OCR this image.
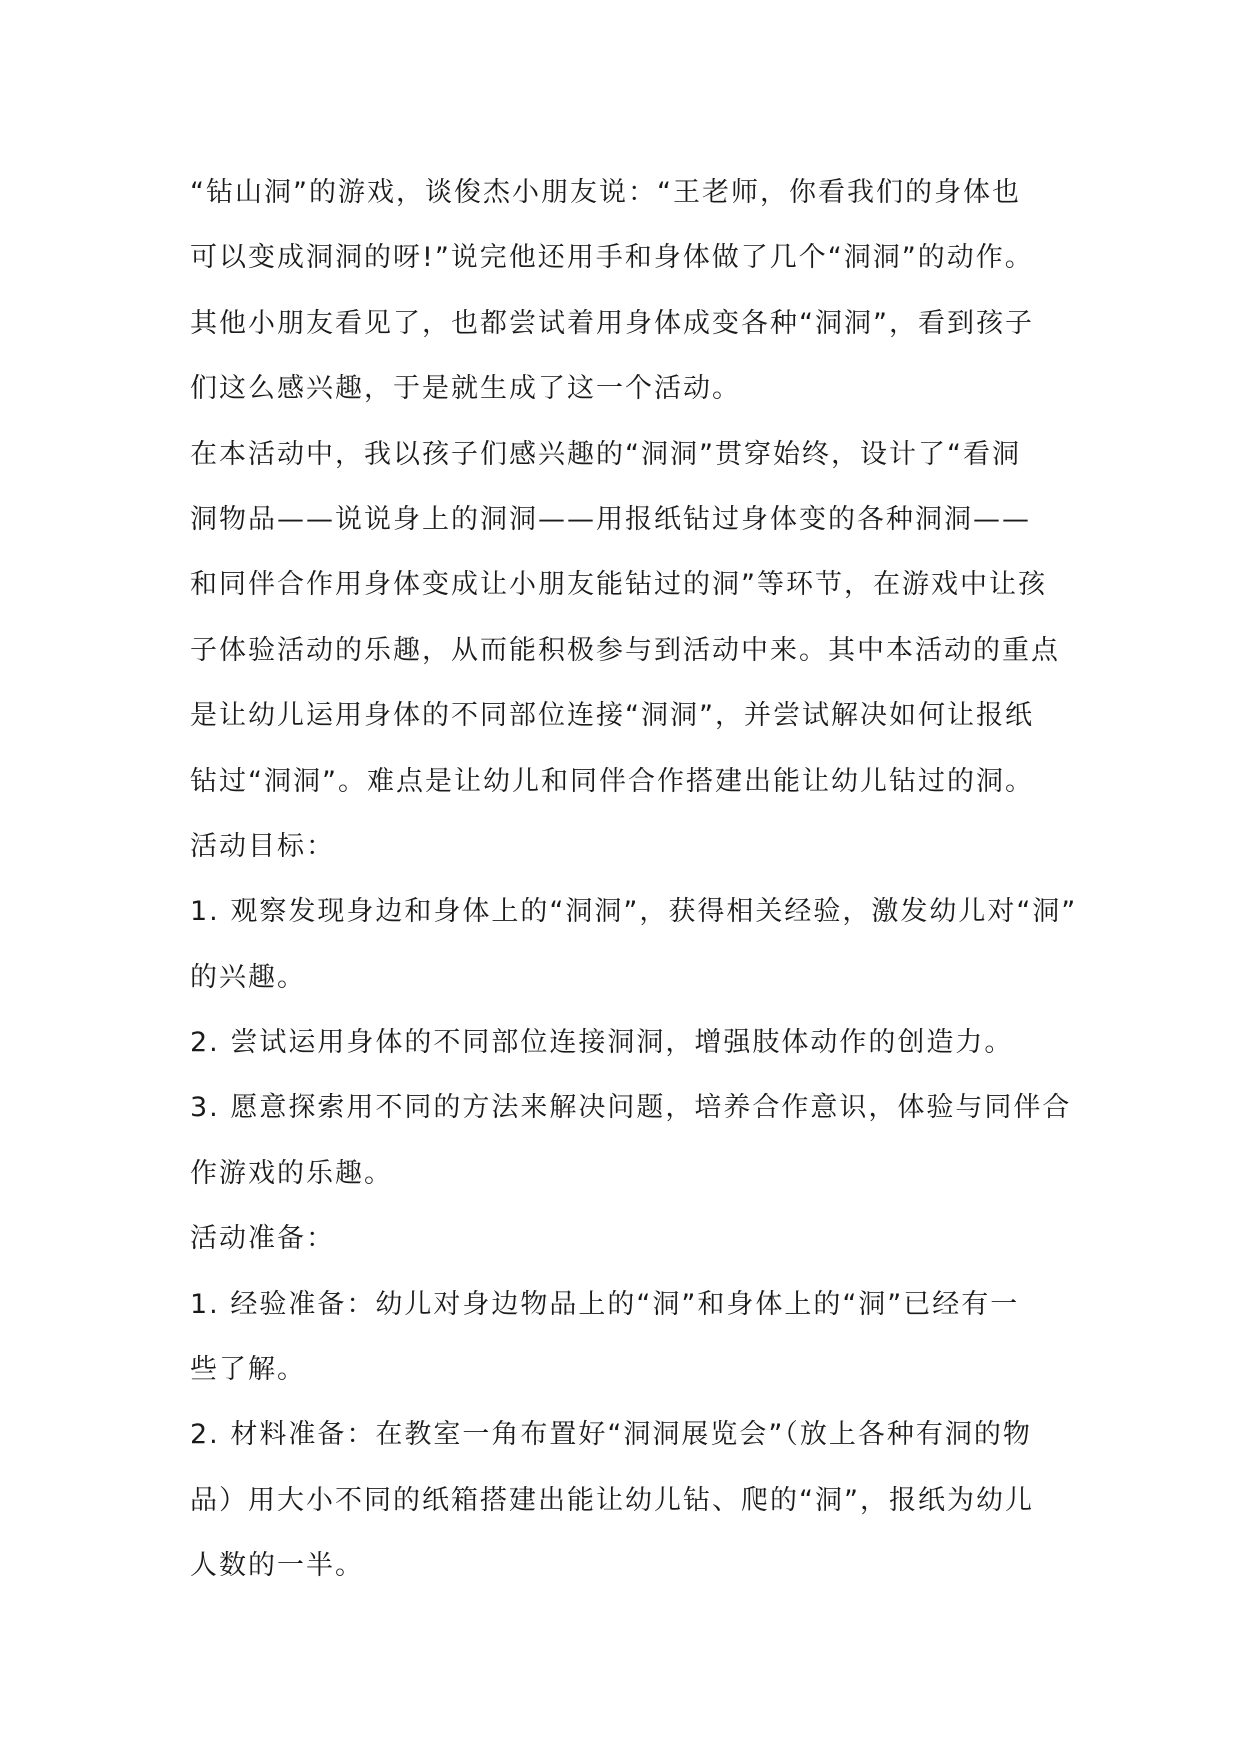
“钻山洞”的游戏，谈俊杰小朋友说：“王老师，你看我们的身体也
可以变成洞洞的呀!”说完他还用手和身体做了几个“洞洞”的动作。
其他小朋友看见了，也都尝试着用身体成变各种“洞洞”，看到孩子
们这么感兴趣，于是就生成了这一个活动。
在本活动中，我以孩子们感兴趣的“洞洞”贯穿始终，设计了“看洞
洞物品——说说身上的洞洞——用报纸钻过身体变的各种洞洞——
和同伴合作用身体变成让小朋友能钻过的洞”等环节，在游戏中让孩
子体验活动的乐趣，从而能积极参与到活动中来。其中本活动的重点
是让幼儿运用身体的不同部位连接“洞洞”，并尝试解决如何让报纸
钻过“洞洞”。难点是让幼儿和同伴合作搭建出能让幼儿钻过的洞。
活动目标：
1. 观察发现身边和身体上的“洞洞”，获得相关经验，激发幼儿对“洞”
的兴趣。
2. 尝试运用身体的不同部位连接洞洞，增强肢体动作的创造力。
3. 愿意探索用不同的方法来解决问题，培养合作意识，体验与同伴合
作游戏的乐趣。
活动准备：
1. 经验准备：幼儿对身边物品上的“洞”和身体上的“洞”已经有一
些了解。
2. 材料准备：在教室一角布置好“洞洞展览会”（放上各种有洞的物
品）用大小不同的纸箱搭建出能让幼儿钻、爬的“洞”，报纸为幼儿
人数的一半。
